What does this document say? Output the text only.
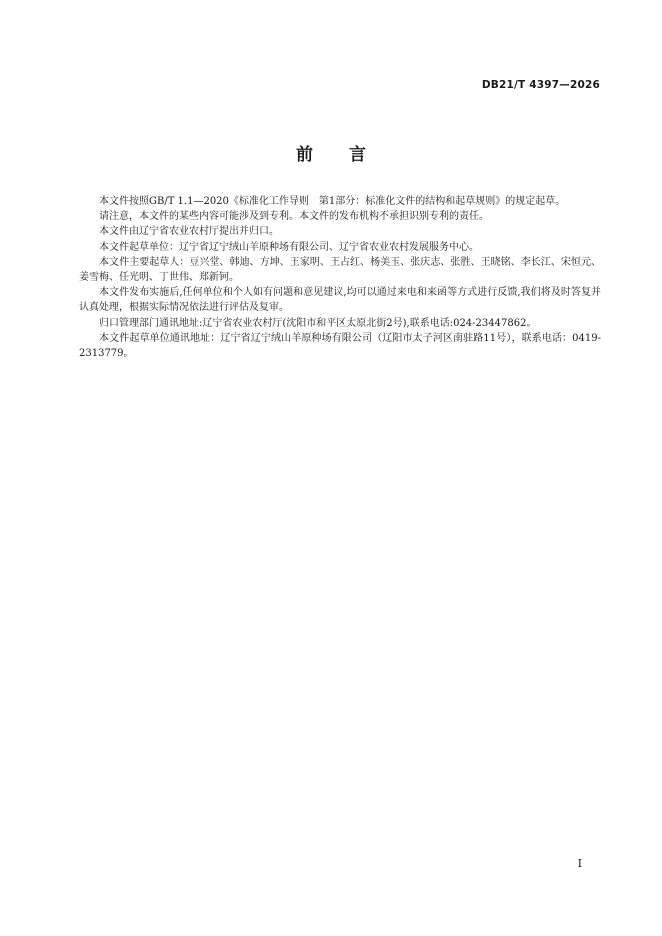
DB21/T 4397—2026
前言

本文件按照GB/T 1.1—2020《标准化工作导则　第1部分：标准化文件的结构和起草规则》的规定起草。

请注意，本文件的某些内容可能涉及到专利。本文件的发布机构不承担识别专利的责任。

本文件由辽宁省农业农村厅提出并归口。

本文件起草单位：辽宁省辽宁绒山羊原种场有限公司、辽宁省农业农村发展服务中心。

本文件主要起草人：豆兴堂、韩迪、方坤、王家明、王占红、杨美玉、张庆志、张胜、王晓铭、李长江、宋恒元、姜雪梅、任光明、丁世伟、郑新钶。

本文件发布实施后,任何单位和个人如有问题和意见建议,均可以通过来电和来函等方式进行反馈,我们将及时答复并认真处理，根据实际情况依法进行评估及复审。

归口管理部门通讯地址:辽宁省农业农村厅(沈阳市和平区太原北街2号),联系电话:024-23447862。

本文件起草单位通讯地址：辽宁省辽宁绒山羊原种场有限公司（辽阳市太子河区南驻路11号），联系电话：0419-2313779。

I
